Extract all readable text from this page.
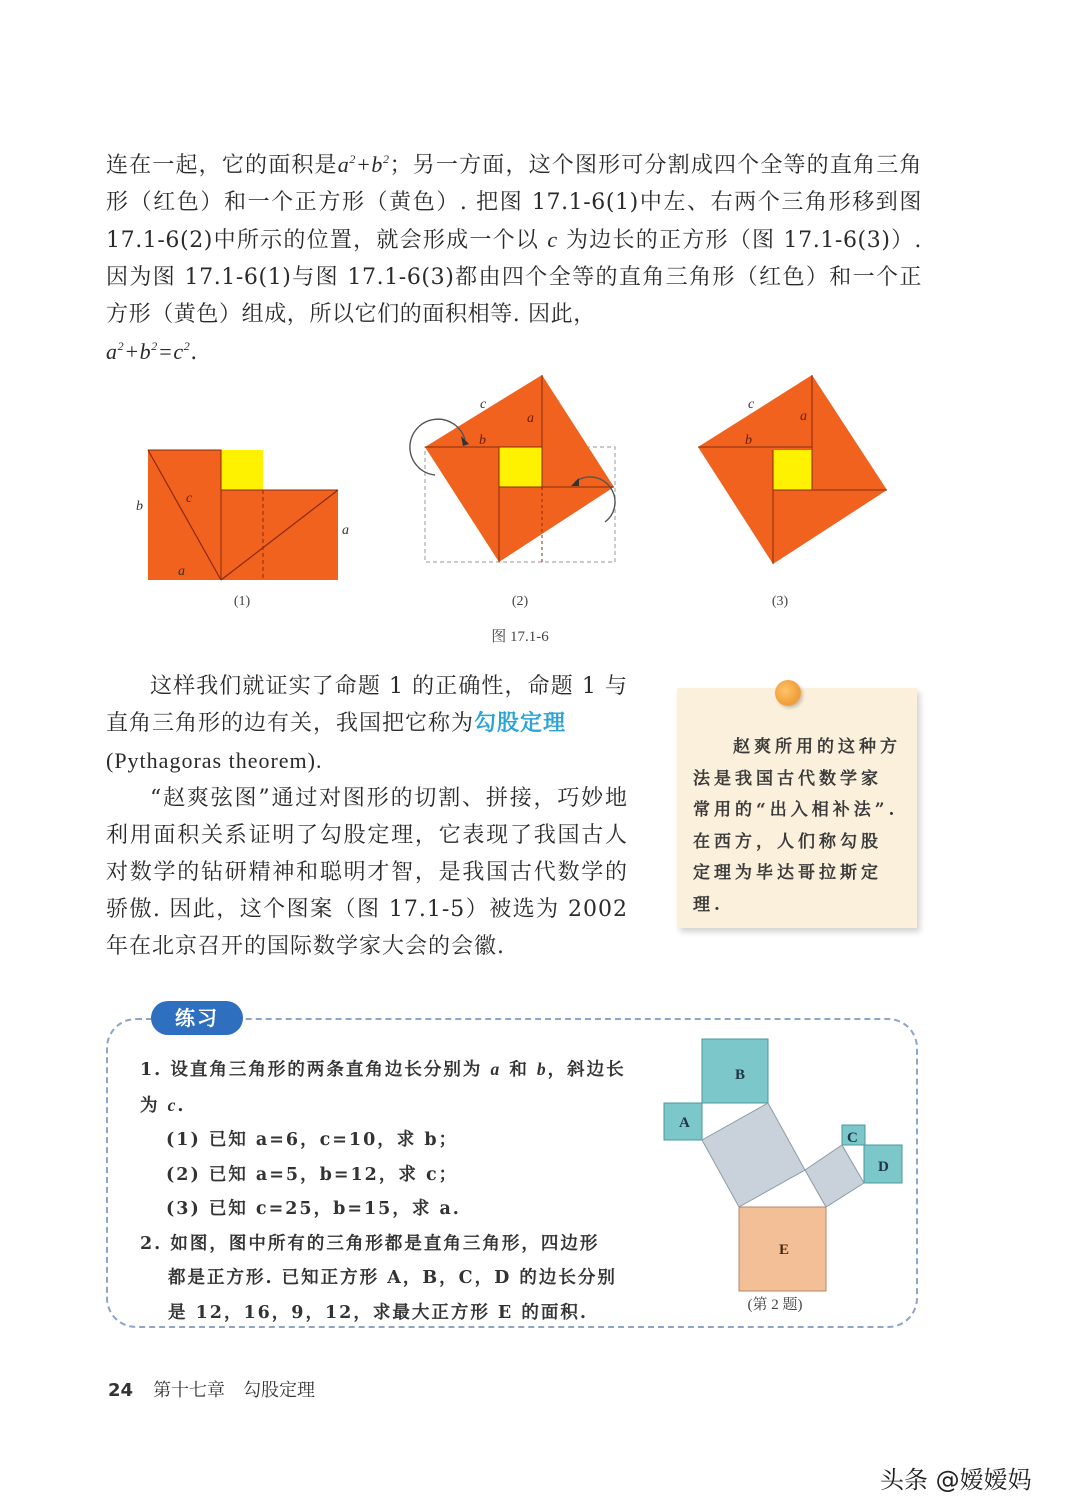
连在一起，它的面积是$a^2+b^2$；另一方面，这个图形可分割成四个全等的直角三角形（红色）和一个正方形（黄色）. 把图 17.1-6(1)中左、右两个三角形移到图 17.1-6(2)中所示的位置，就会形成一个以 c 为边长的正方形（图 17.1-6(3)）. 因为图 17.1-6(1)与图 17.1-6(3)都由四个全等的直角三角形（红色）和一个正方形（黄色）组成，所以它们的面积相等. 因此，

$a^2+b^2=c^2$.

b
c
a
a
(1)
c
a
b
(2)
图 17.1-6
c
a
b
(3)

这样我们就证实了命题 1 的正确性，命题 1 与直角三角形的边有关，我国把它称为勾股定理
(Pythagoras theorem).

“赵爽弦图”通过对图形的切割、拼接，巧妙地利用面积关系证明了勾股定理，它表现了我国古人对数学的钻研精神和聪明才智，是我国古代数学的骄傲. 因此，这个图案（图 17.1-5）被选为 2002 年在北京召开的国际数学家大会的会徽.

赵爽所用的这种方法是我国古代数学家常用的“出入相补法”. 在西方，人们称勾股定理为毕达哥拉斯定理.

练习

1. 设直角三角形的两条直角边长分别为 a 和 b，斜边长为 c.

(1) 已知 a=6，c=10，求 b；

(2) 已知 a=5，b=12，求 c；

(3) 已知 c=25，b=15，求 a.

2. 如图，图中所有的三角形都是直角三角形，四边形

都是正方形. 已知正方形 A，B，C，D 的边长分别

是 12，16，9，12，求最大正方形 E 的面积.

B
A
C
D
E
(第 2 题)
24 第十七章 勾股定理
头条 @嫒嫒妈
